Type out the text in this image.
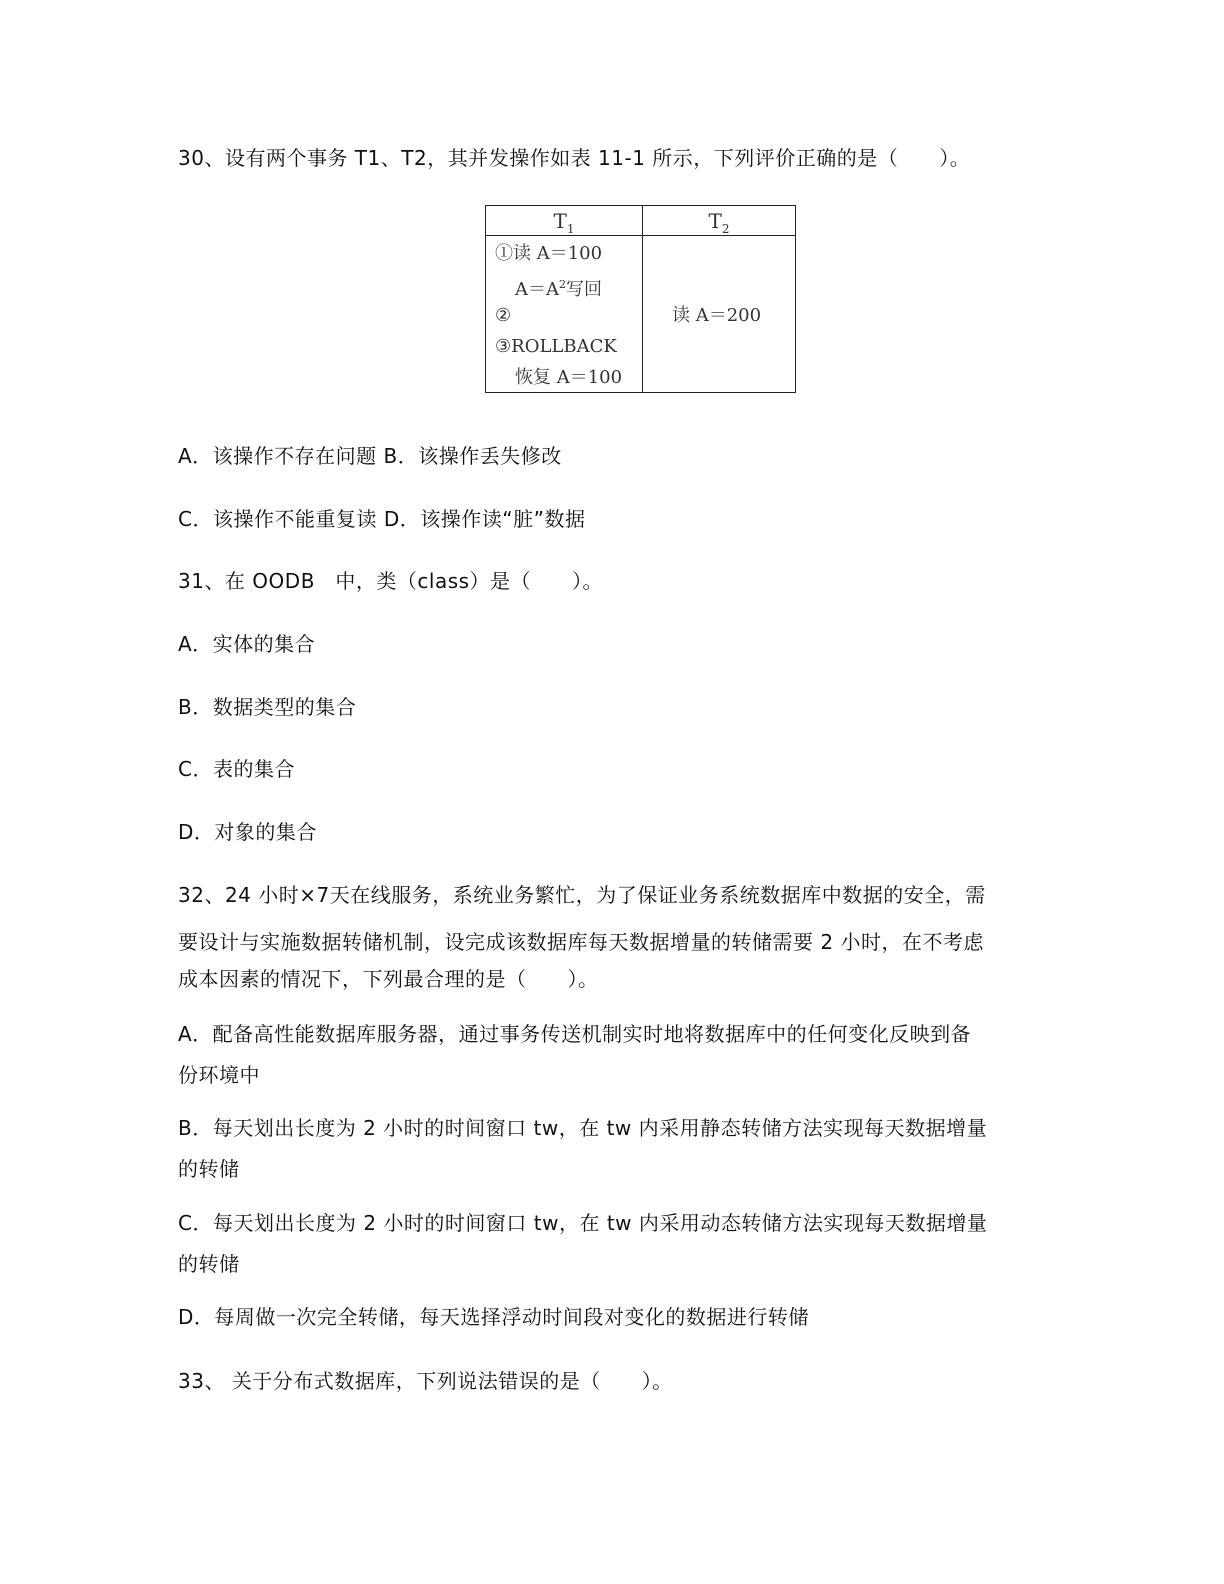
30、设有两个事务 T1、T2，其并发操作如表 11-1 所示，下列评价正确的是（　　）。
$T_1$	$T_2$
①读 A＝100
$A=A^2$写回
②
③ROLLBACK
恢复 A＝100
读 A＝200
A．该操作不存在问题 B．该操作丢失修改
C．该操作不能重复读 D．该操作读“脏”数据
31、在 OODB　中，类（class）是（　　）。
A．实体的集合
B．数据类型的集合
C．表的集合
D．对象的集合
32、24 小时×7天在线服务，系统业务繁忙，为了保证业务系统数据库中数据的安全，需
要设计与实施数据转储机制，设完成该数据库每天数据增量的转储需要 2 小时，在不考虑
成本因素的情况下，下列最合理的是（　　）。
A．配备高性能数据库服务器，通过事务传送机制实时地将数据库中的任何变化反映到备
份环境中
B．每天划出长度为 2 小时的时间窗口 tw，在 tw 内采用静态转储方法实现每天数据增量
的转储
C．每天划出长度为 2 小时的时间窗口 tw，在 tw 内采用动态转储方法实现每天数据增量
的转储
D．每周做一次完全转储，每天选择浮动时间段对变化的数据进行转储
33、 关于分布式数据库，下列说法错误的是（　　）。
